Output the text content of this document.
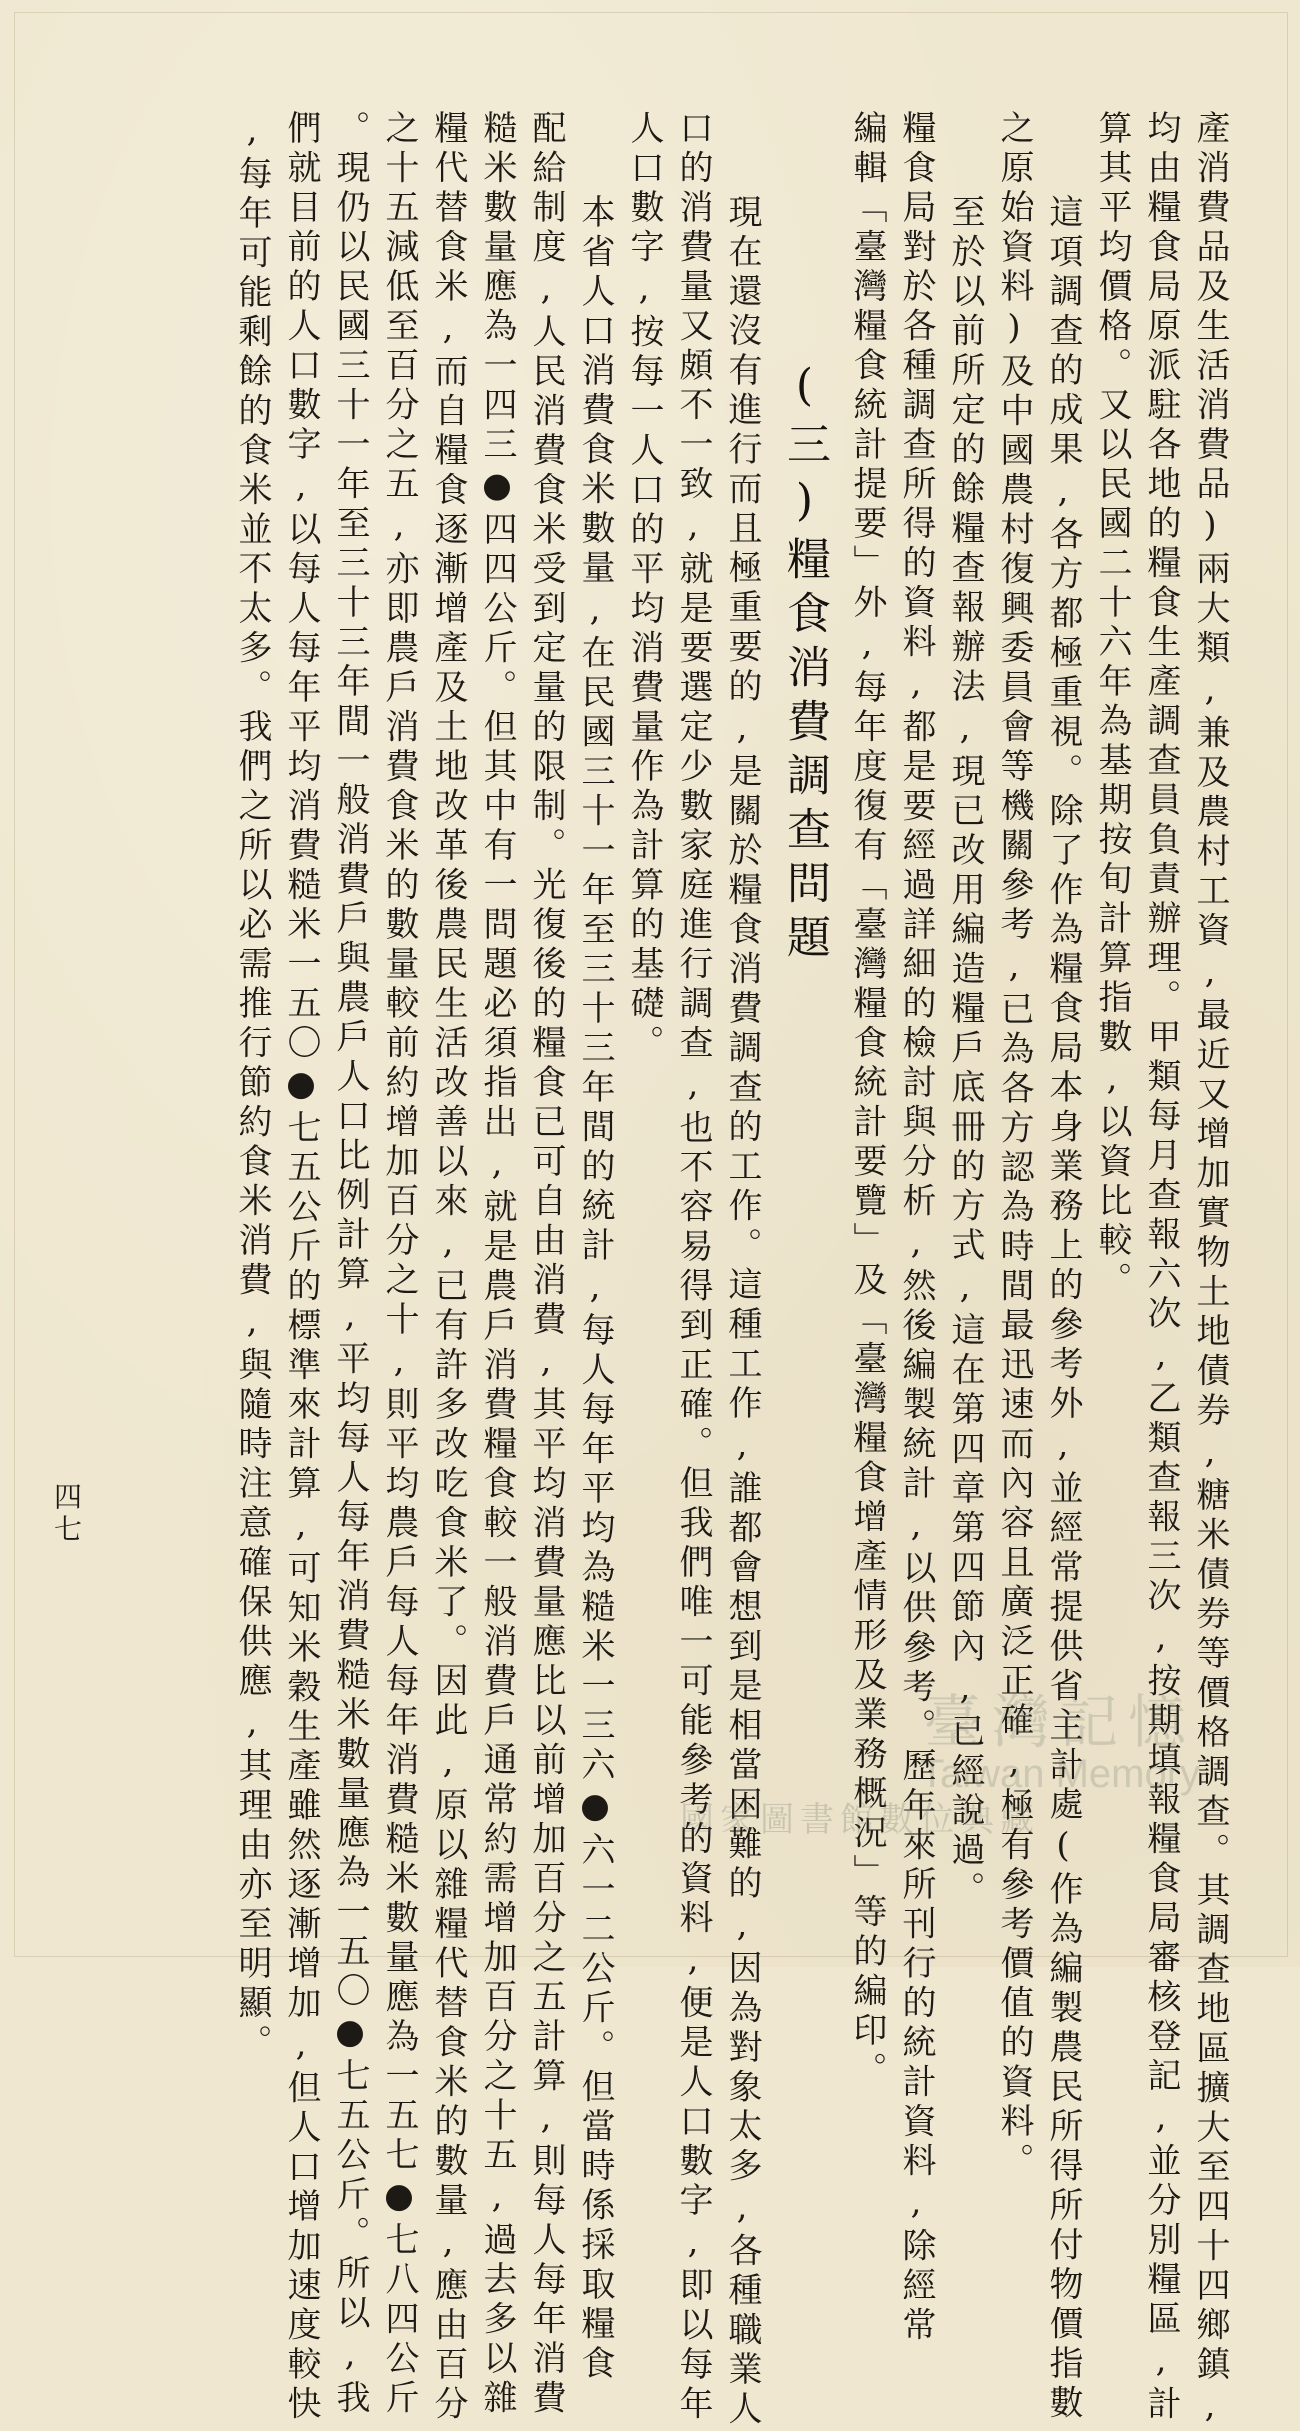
產消費品及生活消費品)兩大類,兼及農村工資,最近又增加實物土地債券,糖米債券等價格調查。其調查地區擴大至四十四鄉鎮,
均由糧食局原派駐各地的糧食生產調查員負責辦理。甲類每月查報六次,乙類查報三次,按期填報糧食局審核登記,並分別糧區,計
算其平均價格。又以民國二十六年為基期按旬計算指數,以資比較。
這項調查的成果,各方都極重視。除了作為糧食局本身業務上的參考外,並經常提供省主計處(作為編製農民所得所付物價指數
之原始資料)及中國農村復興委員會等機關參考,已為各方認為時間最迅速而內容且廣泛正確,極有參考價值的資料。
至於以前所定的餘糧查報辦法,現已改用編造糧戶底冊的方式,這在第四章第四節內,已經說過。
糧食局對於各種調查所得的資料,都是要經過詳細的檢討與分析,然後編製統計,以供參考。歷年來所刊行的統計資料,除經常
編輯「臺灣糧食統計提要」外,每年度復有「臺灣糧食統計要覽」及「臺灣糧食增產情形及業務概況」等的編印。
(三)糧食消費調查問題
現在還沒有進行而且極重要的,是關於糧食消費調查的工作。這種工作,誰都會想到是相當困難的,因為對象太多,各種職業人
口的消費量又頗不一致,就是要選定少數家庭進行調查,也不容易得到正確。但我們唯一可能參考的資料,便是人口數字,即以每年
人口數字,按每一人口的平均消費量作為計算的基礎。
本省人口消費食米數量,在民國三十一年至三十三年間的統計,每人每年平均為糙米一三六●六一二公斤。但當時係採取糧食
配給制度,人民消費食米受到定量的限制。光復後的糧食已可自由消費,其平均消費量應比以前增加百分之五計算,則每人每年消費
糙米數量應為一四三●四四公斤。但其中有一問題必須指出,就是農戶消費糧食較一般消費戶通常約需增加百分之十五,過去多以雜
糧代替食米,而自糧食逐漸增產及土地改革後農民生活改善以來,已有許多改吃食米了。因此,原以雜糧代替食米的數量,應由百分
之十五減低至百分之五,亦即農戶消費食米的數量較前約增加百分之十,則平均農戶每人每年消費糙米數量應為一五七●七八四公斤
。現仍以民國三十一年至三十三年間一般消費戶與農戶人口比例計算,平均每人每年消費糙米數量應為一五〇●七五公斤。所以,我
們就目前的人口數字,以每人每年平均消費糙米一五〇●七五公斤的標準來計算,可知米穀生產雖然逐漸增加,但人口增加速度較快
,每年可能剩餘的食米並不太多。我們之所以必需推行節約食米消費,與隨時注意確保供應,其理由亦至明顯。
四七
臺灣記憶
Taiwan Memory
國家圖書館數位典藏
